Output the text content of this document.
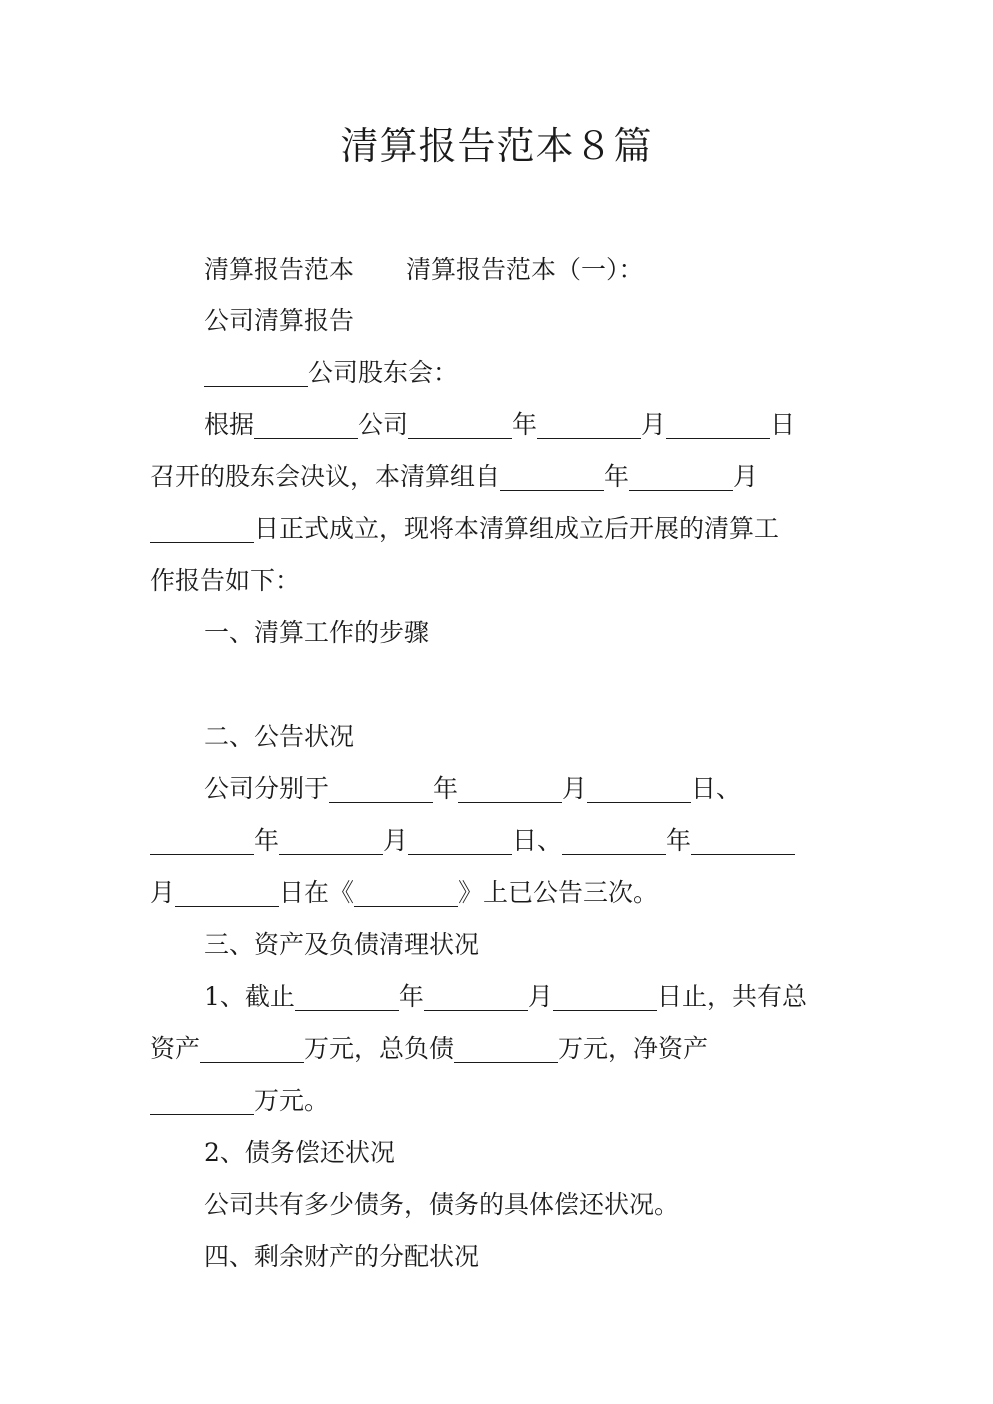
清算报告范本８篇
清算报告范本 清算报告范本（一）：
公司清算报告
公司股东会：
根据	公司	年	月	日
召开的股东会决议，本清算组自	年	月
日正式成立，现将本清算组成立后开展的清算工
作报告如下：
一、清算工作的步骤
二、公告状况
公司分别于	年	月	日、
年	月	日、	年
月	日在《	》上已公告三次。
三、资产及负债清理状况
1、截止	年	月	日止，共有总
资产	万元，总负债	万元，净资产
万元。
2、债务偿还状况
公司共有多少债务，债务的具体偿还状况。
四、剩余财产的分配状况
